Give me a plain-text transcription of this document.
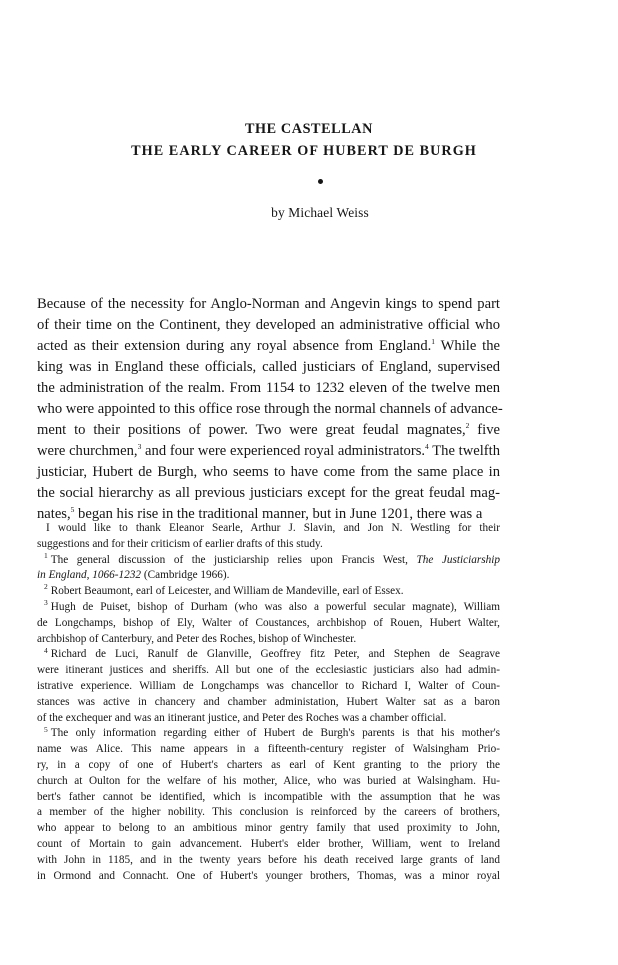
THE CASTELLAN
THE EARLY CAREER OF HUBERT DE BURGH
by Michael Weiss
Because of the necessity for Anglo-Norman and Angevin kings to spend part
of their time on the Continent, they developed an administrative official who
acted as their extension during any royal absence from England.$^1$ While the
king was in England these officials, called justiciars of England, supervised
the administration of the realm. From 1154 to 1232 eleven of the twelve men
who were appointed to this office rose through the normal channels of advance-
ment to their positions of power. Two were great feudal magnates,$^2$ five
were churchmen,$^3$ and four were experienced royal administrators.$^4$ The twelfth
justiciar, Hubert de Burgh, who seems to have come from the same place in
the social hierarchy as all previous justiciars except for the great feudal mag-
nates,$^5$ began his rise in the traditional manner, but in June 1201, there was a
I would like to thank Eleanor Searle, Arthur J. Slavin, and Jon N. Westling for their
suggestions and for their criticism of earlier drafts of this study.
$^1$ The general discussion of the justiciarship relies upon Francis West, The Justiciarship
in England, 1066-1232 (Cambridge 1966).
$^2$ Robert Beaumont, earl of Leicester, and William de Mandeville, earl of Essex.
$^3$ Hugh de Puiset, bishop of Durham (who was also a powerful secular magnate), William
de Longchamps, bishop of Ely, Walter of Coustances, archbishop of Rouen, Hubert Walter,
archbishop of Canterbury, and Peter des Roches, bishop of Winchester.
$^4$ Richard de Luci, Ranulf de Glanville, Geoffrey fitz Peter, and Stephen de Seagrave
were itinerant justices and sheriffs. All but one of the ecclesiastic justiciars also had admin-
istrative experience. William de Longchamps was chancellor to Richard I, Walter of Coun-
stances was active in chancery and chamber administation, Hubert Walter sat as a baron
of the exchequer and was an itinerant justice, and Peter des Roches was a chamber official.
$^5$ The only information regarding either of Hubert de Burgh's parents is that his mother's
name was Alice. This name appears in a fifteenth-century register of Walsingham Prio-
ry, in a copy of one of Hubert's charters as earl of Kent granting to the priory the
church at Oulton for the welfare of his mother, Alice, who was buried at Walsingham. Hu-
bert's father cannot be identified, which is incompatible with the assumption that he was
a member of the higher nobility. This conclusion is reinforced by the careers of brothers,
who appear to belong to an ambitious minor gentry family that used proximity to John,
count of Mortain to gain advancement. Hubert's elder brother, William, went to Ireland
with John in 1185, and in the twenty years before his death received large grants of land
in Ormond and Connacht. One of Hubert's younger brothers, Thomas, was a minor royal
